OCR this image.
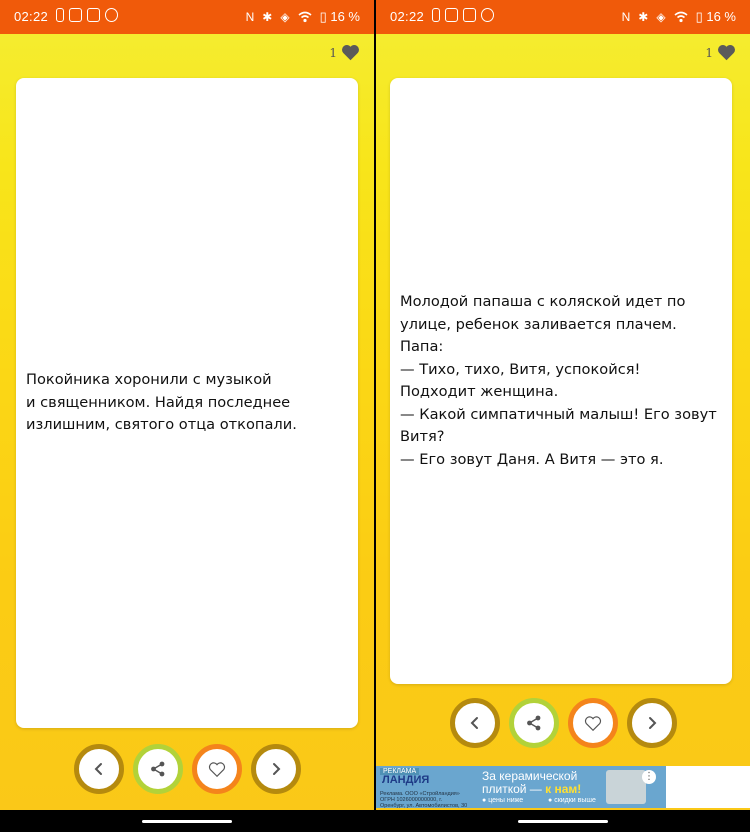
02:22	Ν ✱ ◈ ▯ 16 %
1
Покойника хоронили с музыкой
и священником. Найдя последнее
излишним, святого отца откопали.
02:22	Ν ✱ ◈ ▯ 16 %
1
Молодой папаша с коляской идет по
улице, ребенок заливается плачем.
Папа:
— Тихо, тихо, Витя, успокойся!
Подходит женщина.
— Какой симпатичный малыш! Его зовут
Витя?
— Его зовут Даня. А Витя — это я.
РЕКЛАМА
ЛАНДИЯ
Реклама. ООО «Стройландия» ОГРН 1026000000000, г. Оренбург, ул. Автомобилистов, 30
За керамической
плиткой — к нам!
● цены ниже	● скидки выше
⋮
